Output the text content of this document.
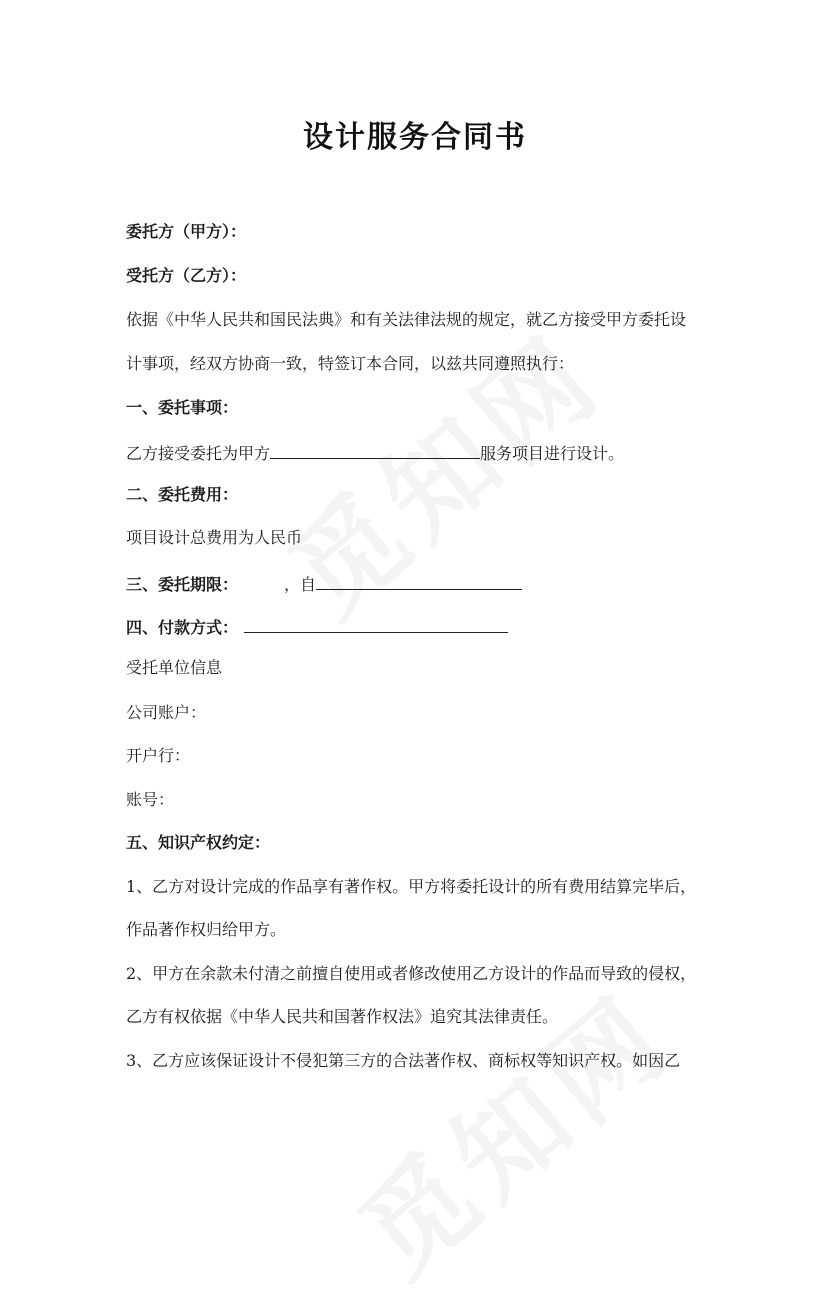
设计服务合同书
委托方（甲方）：
受托方（乙方）：
依据《中华人民共和国民法典》和有关法律法规的规定，就乙方接受甲方委托设
计事项，经双方协商一致，特签订本合同，以兹共同遵照执行：
一、委托事项：
乙方接受委托为甲方	服务项目进行设计。
二、委托费用：
项目设计总费用为人民币
三、委托期限：	，自
四、付款方式：
受托单位信息
公司账户：
开户行：
账号：
五、知识产权约定：
1、乙方对设计完成的作品享有著作权。甲方将委托设计的所有费用结算完毕后，
作品著作权归给甲方。
2、甲方在余款未付清之前擅自使用或者修改使用乙方设计的作品而导致的侵权，
乙方有权依据《中华人民共和国著作权法》追究其法律责任。
3、乙方应该保证设计不侵犯第三方的合法著作权、商标权等知识产权。如因乙
